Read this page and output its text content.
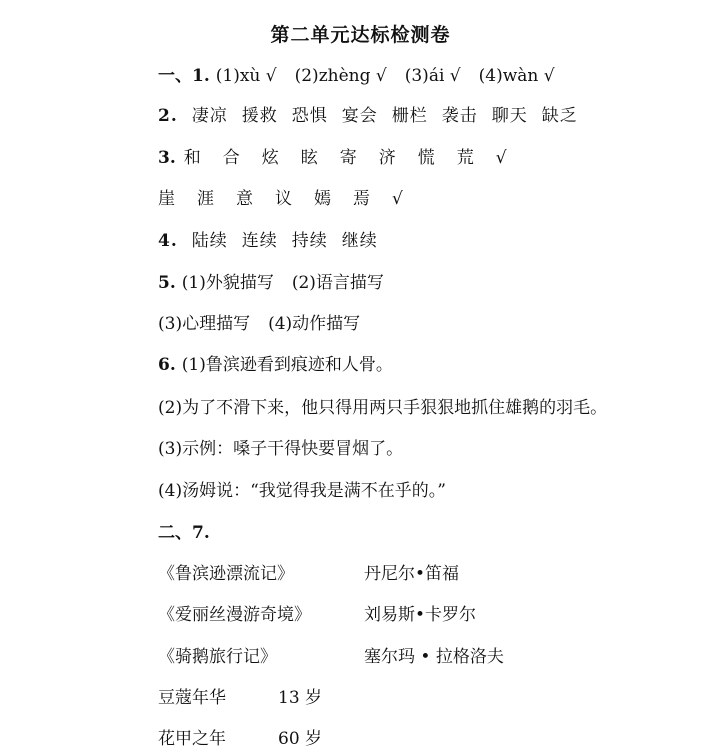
第二单元达标检测卷
一、1. (1)xù √ (2)zhèng √ (3)ái √ (4)wàn √
2. 凄凉 援救 恐惧 宴会 栅栏 袭击 聊天 缺乏
3. 和 合 炫 眩 寄 济 慌 荒 √
崖 涯 意 议 嫣 焉 √
4. 陆续 连续 持续 继续
5. (1)外貌描写 (2)语言描写
(3)心理描写 (4)动作描写
6. (1)鲁滨逊看到痕迹和人骨。
(2)为了不滑下来，他只得用两只手狠狠地抓住雄鹅的羽毛。
(3)示例：嗓子干得快要冒烟了。
(4)汤姆说：“我觉得我是满不在乎的。”
二、7.
《鲁滨逊漂流记》	丹尼尔•笛福
《爱丽丝漫游奇境》	刘易斯•卡罗尔
《骑鹅旅行记》	塞尔玛 • 拉格洛夫
豆蔻年华	13 岁
花甲之年	60 岁
